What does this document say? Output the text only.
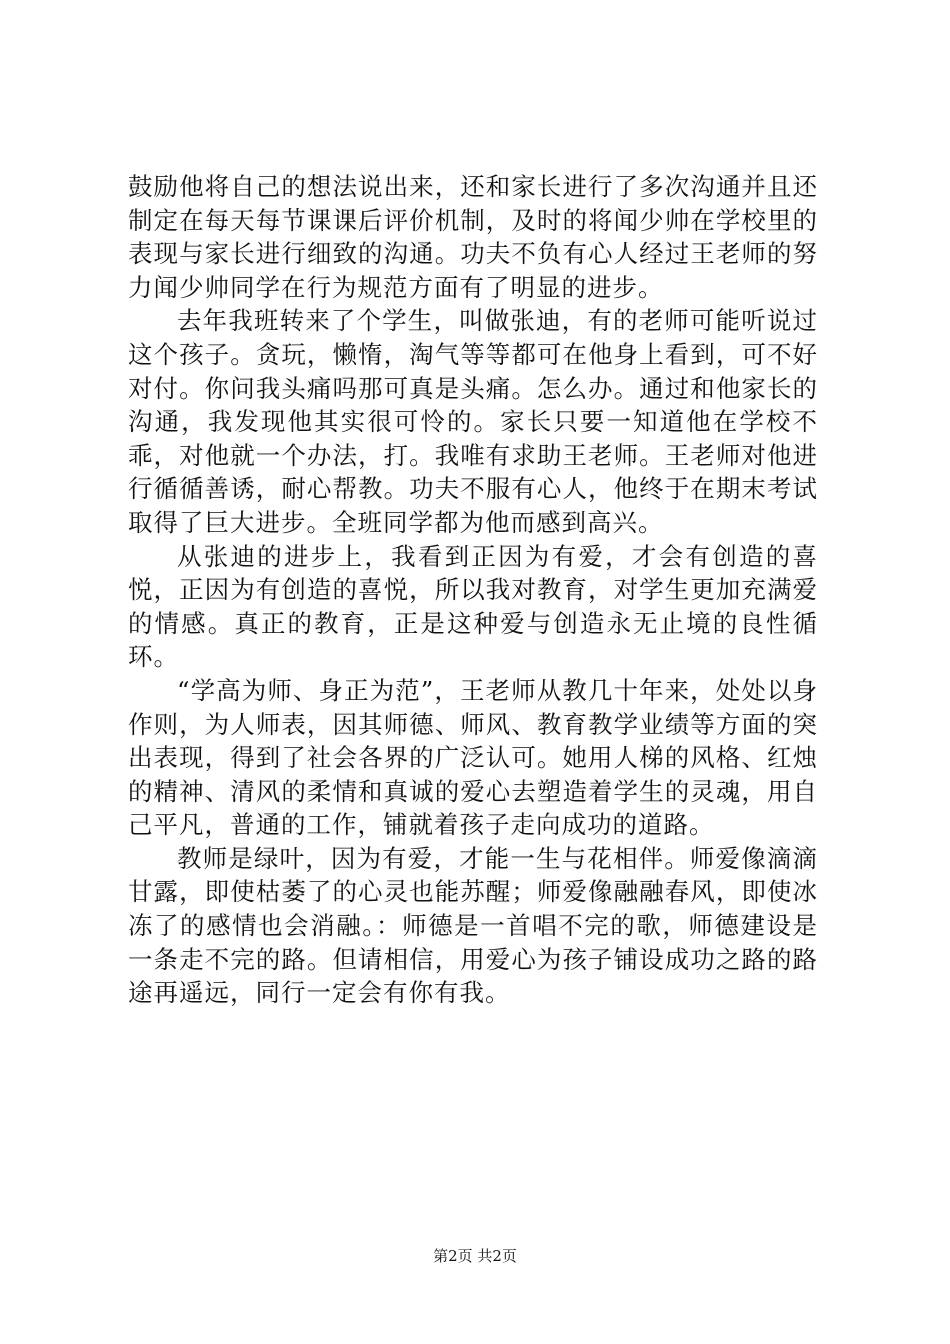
鼓励他将自己的想法说出来，还和家长进行了多次沟通并且还制定在每天每节课课后评价机制，及时的将闻少帅在学校里的表现与家长进行细致的沟通。功夫不负有心人经过王老师的努力闻少帅同学在行为规范方面有了明显的进步。

去年我班转来了个学生，叫做张迪，有的老师可能听说过这个孩子。贪玩，懒惰，淘气等等都可在他身上看到，可不好对付。你问我头痛吗那可真是头痛。怎么办。通过和他家长的沟通，我发现他其实很可怜的。家长只要一知道他在学校不乖，对他就一个办法，打。我唯有求助王老师。王老师对他进行循循善诱，耐心帮教。功夫不服有心人，他终于在期末考试取得了巨大进步。全班同学都为他而感到高兴。

从张迪的进步上，我看到正因为有爱，才会有创造的喜悦，正因为有创造的喜悦，所以我对教育，对学生更加充满爱的情感。真正的教育，正是这种爱与创造永无止境的良性循环。

“学高为师、身正为范”，王老师从教几十年来，处处以身作则，为人师表，因其师德、师风、教育教学业绩等方面的突出表现，得到了社会各界的广泛认可。她用人梯的风格、红烛的精神、清风的柔情和真诚的爱心去塑造着学生的灵魂，用自己平凡，普通的工作，铺就着孩子走向成功的道路。

教师是绿叶，因为有爱，才能一生与花相伴。师爱像滴滴甘露，即使枯萎了的心灵也能苏醒；师爱像融融春风，即使冰冻了的感情也会消融。：师德是一首唱不完的歌，师德建设是一条走不完的路。但请相信，用爱心为孩子铺设成功之路的路途再遥远，同行一定会有你有我。

第2页 共2页
